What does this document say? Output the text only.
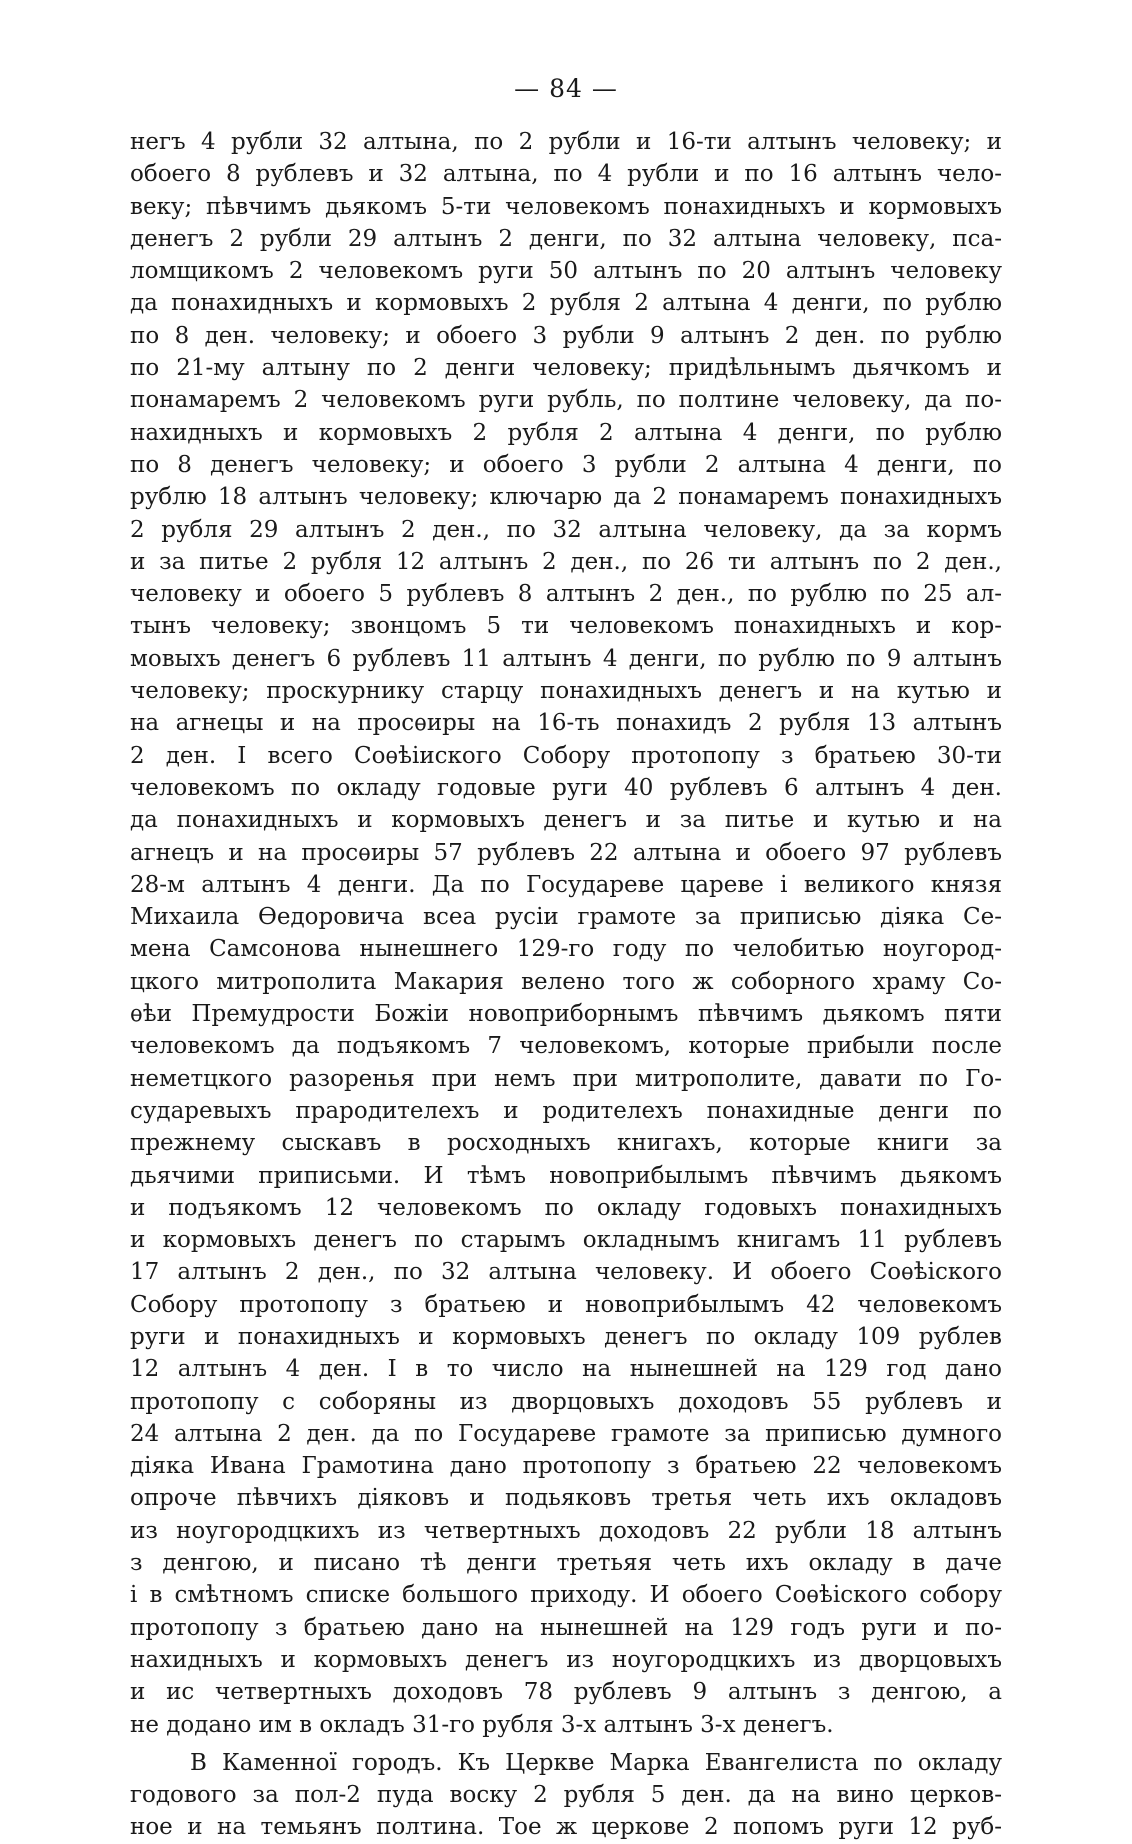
— 84 —
негъ 4 рубли 32 алтына, по 2 рубли и 16-ти алтынъ человеку; и
обоего 8 рублевъ и 32 алтына, по 4 рубли и по 16 алтынъ чело-
веку; пѣвчимъ дьякомъ 5-ти человекомъ понахидныхъ и кормовыхъ
денегъ 2 рубли 29 алтынъ 2 денги, по 32 алтына человеку, пса-
ломщикомъ 2 человекомъ руги 50 алтынъ по 20 алтынъ человеку
да понахидныхъ и кормовыхъ 2 рубля 2 алтына 4 денги, по рублю
по 8 ден. человеку; и обоего 3 рубли 9 алтынъ 2 ден. по рублю
по 21-му алтыну по 2 денги человеку; придѣльнымъ дьячкомъ и
понамаремъ 2 человекомъ руги рубль, по полтине человеку, да по-
нахидныхъ и кормовыхъ 2 рубля 2 алтына 4 денги, по рублю
по 8 денегъ человеку; и обоего 3 рубли 2 алтына 4 денги, по
рублю 18 алтынъ человеку; ключарю да 2 понамаремъ понахидныхъ
2 рубля 29 алтынъ 2 ден., по 32 алтына человеку, да за кормъ
и за питье 2 рубля 12 алтынъ 2 ден., по 26 ти алтынъ по 2 ден.,
человеку и обоего 5 рублевъ 8 алтынъ 2 ден., по рублю по 25 ал-
тынъ человеку; звонцомъ 5 ти человекомъ понахидныхъ и кор-
мовыхъ денегъ 6 рублевъ 11 алтынъ 4 денги, по рублю по 9 алтынъ
человеку; проскурнику старцу понахидныхъ денегъ и на кутью и
на агнецы и на просѳиры на 16-ть понахидъ 2 рубля 13 алтынъ
2 ден. І всего Соѳѣіиского Собору протопопу з братьею 30-ти
человекомъ по окладу годовые руги 40 рублевъ 6 алтынъ 4 ден.
да понахидныхъ и кормовыхъ денегъ и за питье и кутью и на
агнецъ и на просѳиры 57 рублевъ 22 алтына и обоего 97 рублевъ
28-м алтынъ 4 денги. Да по Государеве цареве і великого князя
Михаила Ѳедоровича всеа русіи грамоте за приписью діяка Се-
мена Самсонова нынешнего 129-го году по челобитью ноугород-
цкого митрополита Макария велено того ж соборного храму Со-
ѳѣи Премудрости Божіи новоприборнымъ пѣвчимъ дьякомъ пяти
человекомъ да подъякомъ 7 человекомъ, которые прибыли после
неметцкого разоренья при немъ при митрополите, давати по Го-
сударевыхъ прародителехъ и родителехъ понахидные денги по
прежнему сыскавъ в росходныхъ книгахъ, которые книги за
дьячими приписьми. И тѣмъ новоприбылымъ пѣвчимъ дьякомъ
и подъякомъ 12 человекомъ по окладу годовыхъ понахидныхъ
и кормовыхъ денегъ по старымъ окладнымъ книгамъ 11 рублевъ
17 алтынъ 2 ден., по 32 алтына человеку. И обоего Соѳѣіского
Собору протопопу з братьею и новоприбылымъ 42 человекомъ
руги и понахидныхъ и кормовыхъ денегъ по окладу 109 рублев
12 алтынъ 4 ден. І в то число на нынешней на 129 год дано
протопопу с соборяны из дворцовыхъ доходовъ 55 рублевъ и
24 алтына 2 ден. да по Государеве грамоте за приписью думного
діяка Ивана Грамотина дано протопопу з братьею 22 человекомъ
опроче пѣвчихъ діяковъ и подьяковъ третья четь ихъ окладовъ
из ноугородцкихъ из четвертныхъ доходовъ 22 рубли 18 алтынъ
з денгою, и писано тѣ денги третьяя четь ихъ окладу в даче
і в смѣтномъ списке большого приходу. И обоего Соѳѣіского собору
протопопу з братьею дано на нынешней на 129 годъ руги и по-
нахидныхъ и кормовыхъ денегъ из ноугородцкихъ из дворцовыхъ
и ис четвертныхъ доходовъ 78 рублевъ 9 алтынъ з денгою, а
не додано им в окладъ 31-го рубля 3-х алтынъ 3-х денегъ.
В Каменної городъ. Къ Церкве Марка Евангелиста по окладу
годового за пол-2 пуда воску 2 рубля 5 ден. да на вино церков-
ное и на темьянъ полтина. Тое ж церкове 2 попомъ руги 12 руб-
